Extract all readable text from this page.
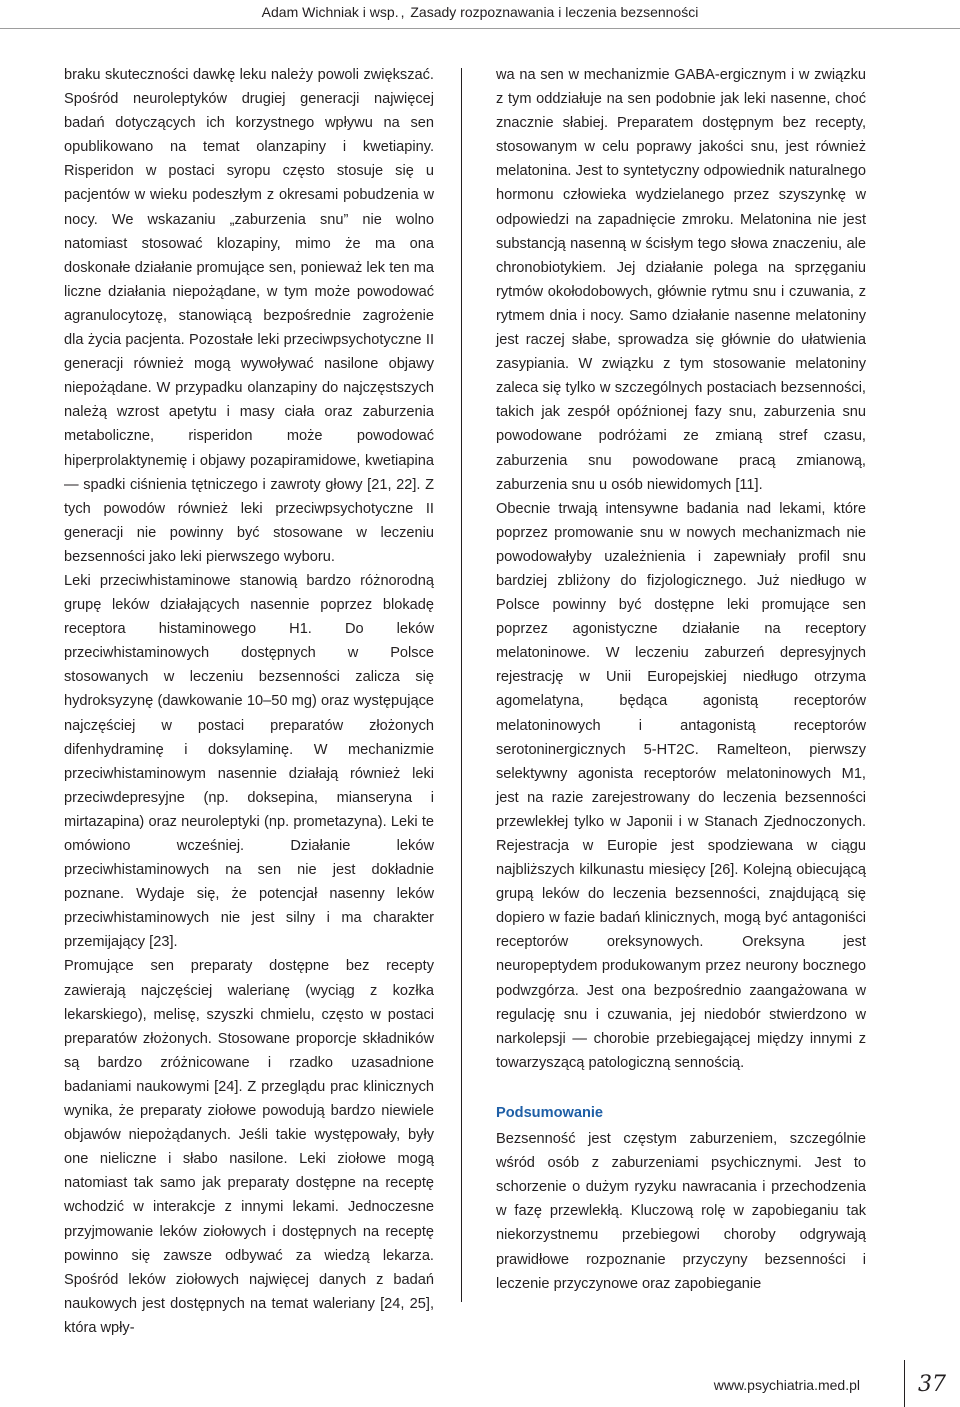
Adam Wichniak i wsp. , Zasady rozpoznawania i leczenia bezsenności

braku skuteczności dawkę leku należy powoli zwiększać. Spośród neuroleptyków drugiej generacji najwięcej badań dotyczących ich korzystnego wpływu na sen opublikowano na temat olanzapiny i kwetiapiny. Risperidon w postaci syropu często stosuje się u pacjentów w wieku podeszłym z okresami pobudzenia w nocy. We wskazaniu „zaburzenia snu” nie wolno natomiast stosować klozapiny, mimo że ma ona doskonałe działanie promujące sen, ponieważ lek ten ma liczne działania niepożądane, w tym może powodować agranulocytozę, stanowiącą bezpośrednie zagrożenie dla życia pacjenta. Pozostałe leki przeciwpsychotyczne II generacji również mogą wywoływać nasilone objawy niepożądane. W przypadku olanzapiny do najczęstszych należą wzrost apetytu i masy ciała oraz zaburzenia metaboliczne, risperidon może powodować hiperprolaktynemię i objawy pozapiramidowe, kwetiapina — spadki ciśnienia tętniczego i zawroty głowy [21, 22]. Z tych powodów również leki przeciwpsychotyczne II generacji nie powinny być stosowane w leczeniu bezsenności jako leki pierwszego wyboru.

Leki przeciwhistaminowe stanowią bardzo różnorodną grupę leków działających nasennie poprzez blokadę receptora histaminowego H1. Do leków przeciwhistaminowych dostępnych w Polsce stosowanych w leczeniu bezsenności zalicza się hydroksyzynę (dawkowanie 10–50 mg) oraz występujące najczęściej w postaci preparatów złożonych difenhydraminę i doksylaminę. W mechanizmie przeciwhistaminowym nasennie działają również leki przeciwdepresyjne (np. doksepina, mianseryna i mirtazapina) oraz neuroleptyki (np. prometazyna). Leki te omówiono wcześniej. Działanie leków przeciwhistaminowych na sen nie jest dokładnie poznane. Wydaje się, że potencjał nasenny leków przeciwhistaminowych nie jest silny i ma charakter przemijający [23].

Promujące sen preparaty dostępne bez recepty zawierają najczęściej walerianę (wyciąg z kozłka lekarskiego), melisę, szyszki chmielu, często w postaci preparatów złożonych. Stosowane proporcje składników są bardzo zróżnicowane i rzadko uzasadnione badaniami naukowymi [24]. Z przeglądu prac klinicznych wynika, że preparaty ziołowe powodują bardzo niewiele objawów niepożądanych. Jeśli takie występowały, były one nieliczne i słabo nasilone. Leki ziołowe mogą natomiast tak samo jak preparaty dostępne na receptę wchodzić w interakcje z innymi lekami. Jednoczesne przyjmowanie leków ziołowych i dostępnych na receptę powinno się zawsze odbywać za wiedzą lekarza. Spośród leków ziołowych najwięcej danych z badań naukowych jest dostępnych na temat waleriany [24, 25], która wpły-

wa na sen w mechanizmie GABA-ergicznym i w związku z tym oddziałuje na sen podobnie jak leki nasenne, choć znacznie słabiej. Preparatem dostępnym bez recepty, stosowanym w celu poprawy jakości snu, jest również melatonina. Jest to syntetyczny odpowiednik naturalnego hormonu człowieka wydzielanego przez szyszynkę w odpowiedzi na zapadnięcie zmroku. Melatonina nie jest substancją nasenną w ścisłym tego słowa znaczeniu, ale chronobiotykiem. Jej działanie polega na sprzęganiu rytmów okołodobowych, głównie rytmu snu i czuwania, z rytmem dnia i nocy. Samo działanie nasenne melatoniny jest raczej słabe, sprowadza się głównie do ułatwienia zasypiania. W związku z tym stosowanie melatoniny zaleca się tylko w szczególnych postaciach bezsenności, takich jak zespół opóźnionej fazy snu, zaburzenia snu powodowane podróżami ze zmianą stref czasu, zaburzenia snu powodowane pracą zmianową, zaburzenia snu u osób niewidomych [11].

Obecnie trwają intensywne badania nad lekami, które poprzez promowanie snu w nowych mechanizmach nie powodowałyby uzależnienia i zapewniały profil snu bardziej zbliżony do fizjologicznego. Już niedługo w Polsce powinny być dostępne leki promujące sen poprzez agonistyczne działanie na receptory melatoninowe. W leczeniu zaburzeń depresyjnych rejestrację w Unii Europejskiej niedługo otrzyma agomelatyna, będąca agonistą receptorów melatoninowych i antagonistą receptorów serotoninergicznych 5-HT2C. Ramelteon, pierwszy selektywny agonista receptorów melatoninowych M1, jest na razie zarejestrowany do leczenia bezsenności przewlekłej tylko w Japonii i w Stanach Zjednoczonych. Rejestracja w Europie jest spodziewana w ciągu najbliższych kilkunastu miesięcy [26]. Kolejną obiecującą grupą leków do leczenia bezsenności, znajdującą się dopiero w fazie badań klinicznych, mogą być antagoniści receptorów oreksynowych. Oreksyna jest neuropeptydem produkowanym przez neurony bocznego podwzgórza. Jest ona bezpośrednio zaangażowana w regulację snu i czuwania, jej niedobór stwierdzono w narkolepsji — chorobie przebiegającej między innymi z towarzyszącą patologiczną sennością.

Podsumowanie

Bezsenność jest częstym zaburzeniem, szczególnie wśród osób z zaburzeniami psychicznymi. Jest to schorzenie o dużym ryzyku nawracania i przechodzenia w fazę przewlekłą. Kluczową rolę w zapobieganiu tak niekorzystnemu przebiegowi choroby odgrywają prawidłowe rozpoznanie przyczyny bezsenności i leczenie przyczynowe oraz zapobieganie

www.psychiatria.med.pl	37
